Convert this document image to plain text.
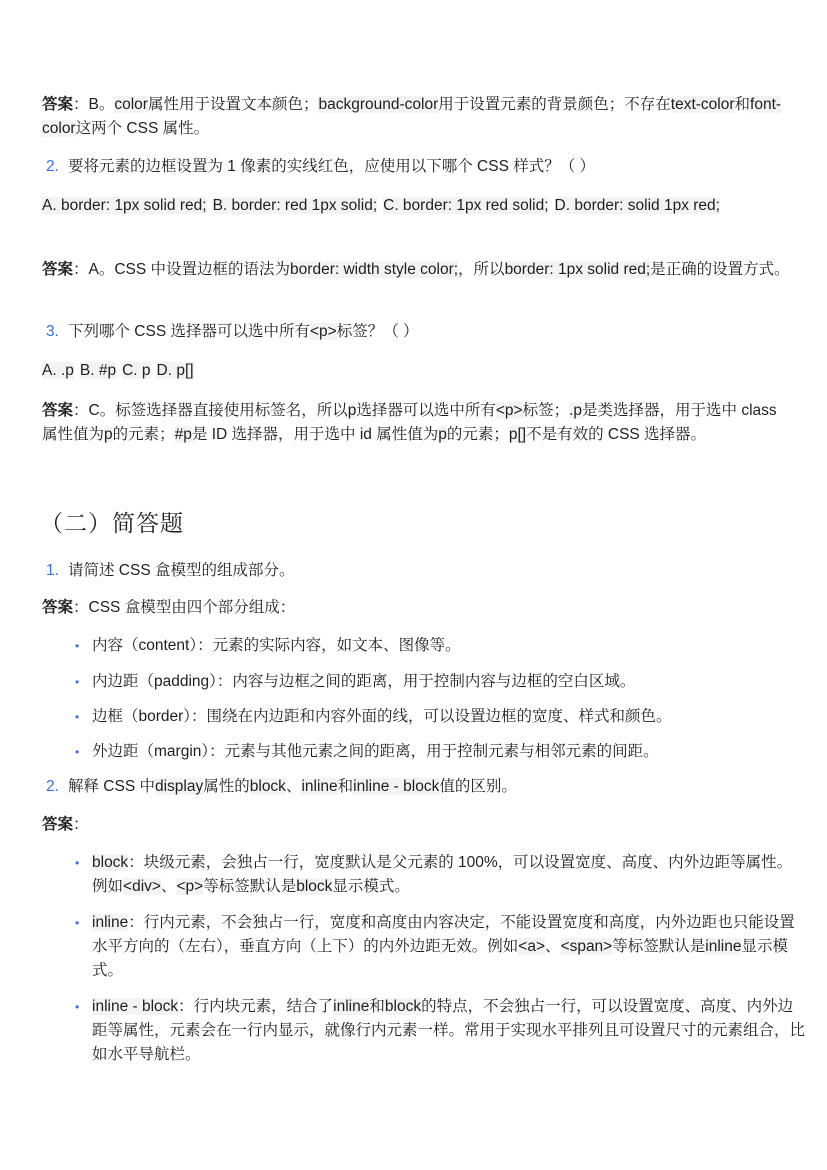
答案：B。color属性用于设置文本颜色；background-color用于设置元素的背景颜色；不存在text-color和font-color这两个 CSS 属性。

2. 要将元素的边框设置为 1 像素的实线红色，应使用以下哪个 CSS 样式？（ ）

A. border: 1px solid red; B. border: red 1px solid; C. border: 1px red solid; D. border: solid 1px red;

答案：A。CSS 中设置边框的语法为border: width style color;，所以border: 1px solid red;是正确的设置方式。

3. 下列哪个 CSS 选择器可以选中所有<p>标签？（ ）

A. .p B. #p C. p D. p[]

答案：C。标签选择器直接使用标签名，所以p选择器可以选中所有<p>标签；.p是类选择器，用于选中 class 属性值为p的元素；#p是 ID 选择器，用于选中 id 属性值为p的元素；p[]不是有效的 CSS 选择器。

（二）简答题

1. 请简述 CSS 盒模型的组成部分。

答案：CSS 盒模型由四个部分组成：

• 内容（content）：元素的实际内容，如文本、图像等。
• 内边距（padding）：内容与边框之间的距离，用于控制内容与边框的空白区域。
• 边框（border）：围绕在内边距和内容外面的线，可以设置边框的宽度、样式和颜色。
• 外边距（margin）：元素与其他元素之间的距离，用于控制元素与相邻元素的间距。

2. 解释 CSS 中display属性的block、inline和inline - block值的区别。

答案：

• block：块级元素，会独占一行，宽度默认是父元素的 100%，可以设置宽度、高度、内外边距等属性。例如<div>、<p>等标签默认是block显示模式。
• inline：行内元素，不会独占一行，宽度和高度由内容决定，不能设置宽度和高度，内外边距也只能设置水平方向的（左右），垂直方向（上下）的内外边距无效。例如<a>、<span>等标签默认是inline显示模式。
• inline - block：行内块元素，结合了inline和block的特点，不会独占一行，可以设置宽度、高度、内外边距等属性，元素会在一行内显示，就像行内元素一样。常用于实现水平排列且可设置尺寸的元素组合，比如水平导航栏。
